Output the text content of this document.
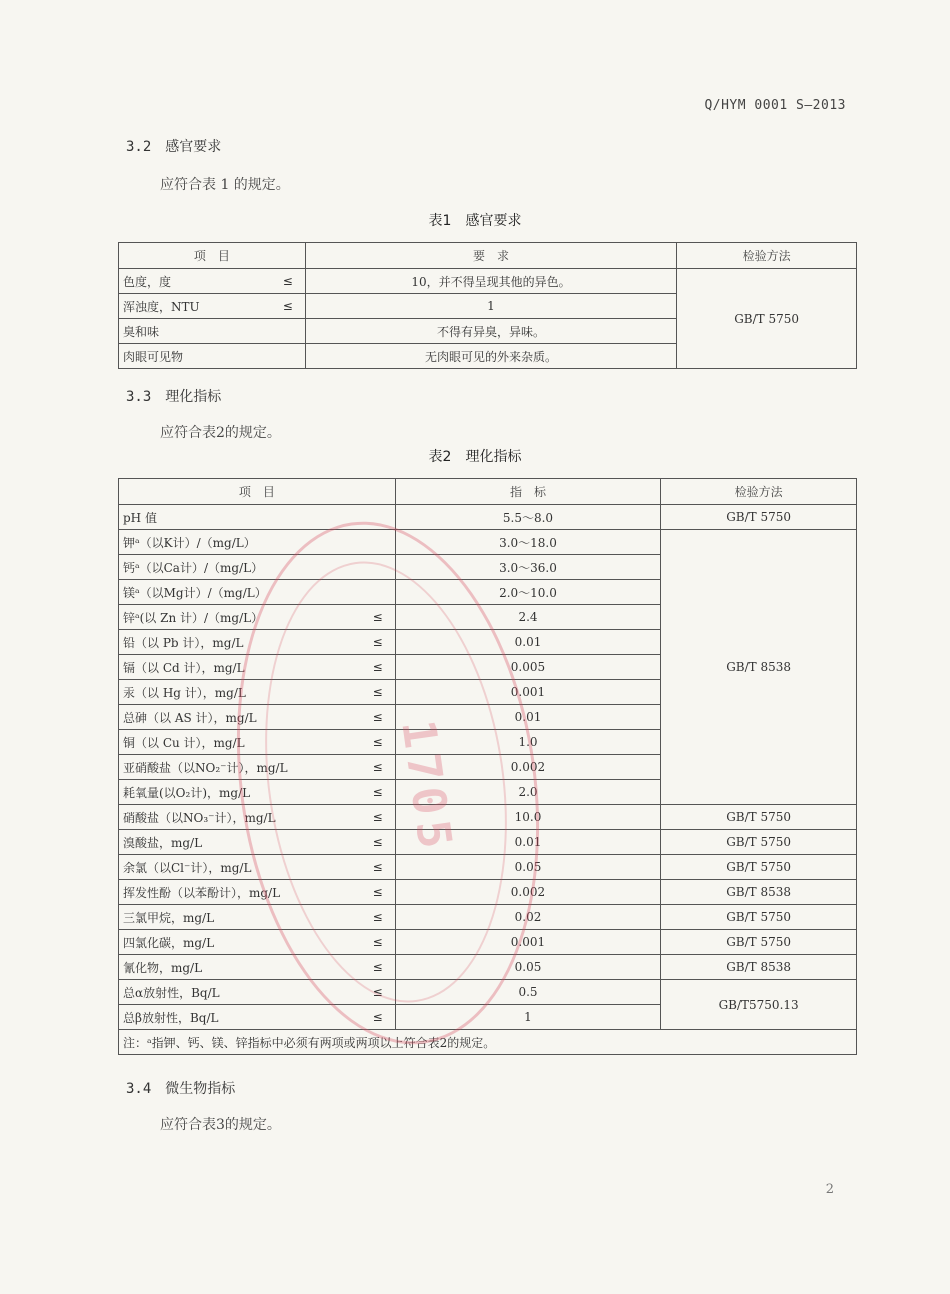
Q/HYM 0001 S—2013
3.2 感官要求
应符合表 1 的规定。
表1 感官要求
项　目	要　求	检验方法
色度，度 ≤	10，并不得呈现其他的异色。	GB/T 5750
浑浊度，NTU ≤	1	
臭和味	不得有异臭，异味。	
肉眼可见物	无肉眼可见的外来杂质。	
3.3 理化指标
应符合表2的规定。
表2 理化指标
项　目	指　标	检验方法
pH 值	5.5～8.0	GB/T 5750
钾ᵃ（以K计）/（mg/L）	3.0～18.0	GB/T 8538
钙ᵃ（以Ca计）/（mg/L）	3.0～36.0	
镁ᵃ（以Mg计）/（mg/L）	2.0～10.0	
锌ᵃ(以 Zn 计）/（mg/L） ≤	2.4	
铅（以 Pb 计），mg/L ≤	0.01	
镉（以 Cd 计），mg/L ≤	0.005	
汞（以 Hg 计），mg/L ≤	0.001	
总砷（以 AS 计），mg/L ≤	0.01	
铜（以 Cu 计），mg/L ≤	1.0	
亚硝酸盐（以NO₂⁻计），mg/L ≤	0.002	
耗氧量(以O₂计)，mg/L ≤	2.0	
硝酸盐（以NO₃⁻计），mg/L ≤	10.0	GB/T 5750
溴酸盐，mg/L ≤	0.01	GB/T 5750
余氯（以Cl⁻计），mg/L ≤	0.05	GB/T 5750
挥发性酚（以苯酚计），mg/L ≤	0.002	GB/T 8538
三氯甲烷，mg/L ≤	0.02	GB/T 5750
四氯化碳，mg/L ≤	0.001	GB/T 5750
氰化物，mg/L ≤	0.05	GB/T 8538
总α放射性，Bq/L ≤	0.5	GB/T5750.13
总β放射性，Bq/L ≤	1	
注：ᵃ指钾、钙、镁、锌指标中必须有两项或两项以上符合表2的规定。		
3.4 微生物指标
应符合表3的规定。
1705
2
